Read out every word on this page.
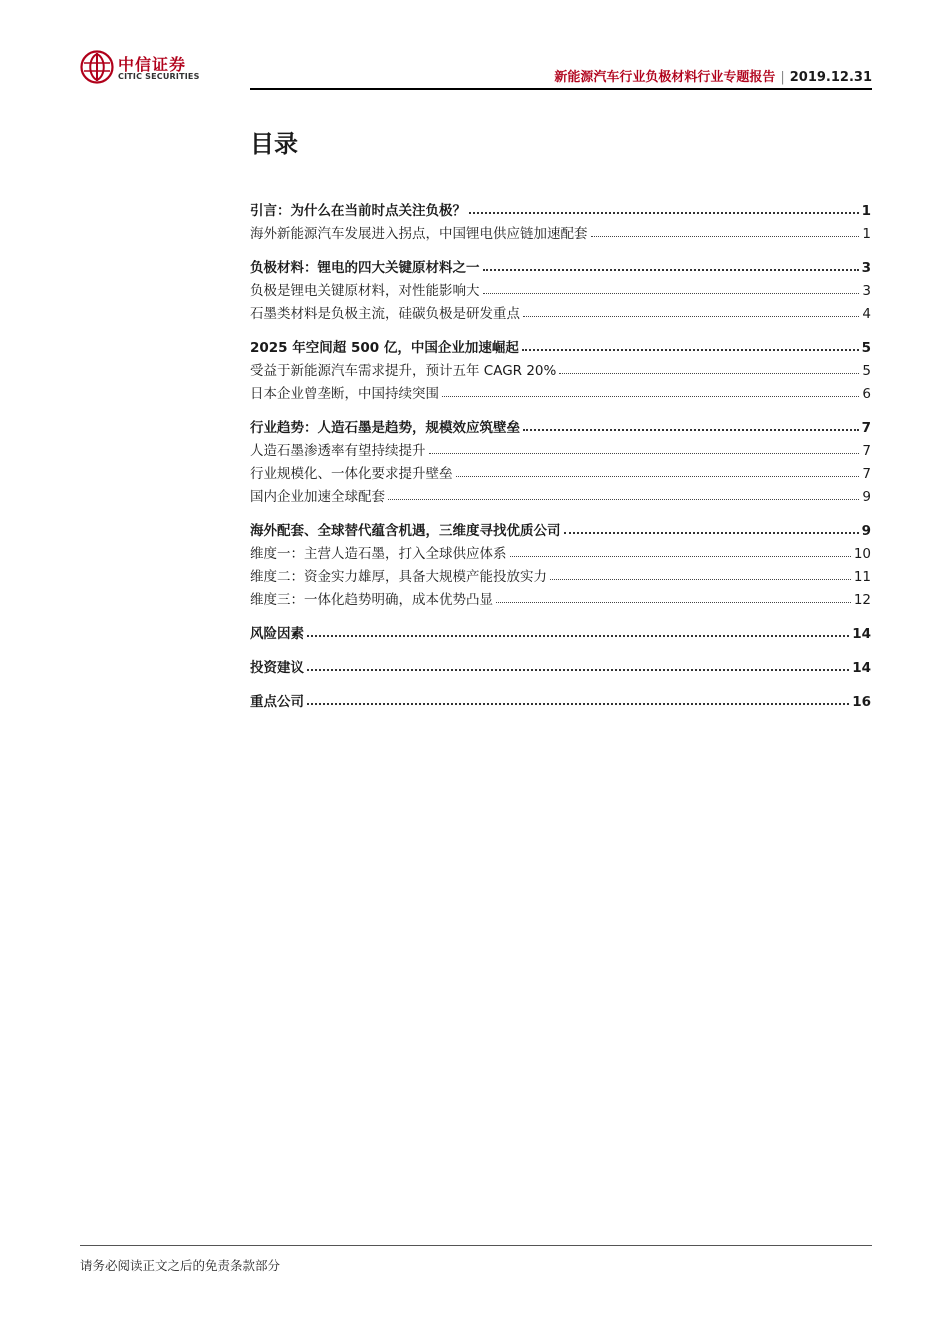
中信证券
CITIC SECURITIES	新能源汽车行业负极材料行业专题报告 | 2019.12.31
目录
引言：为什么在当前时点关注负极？	1
海外新能源汽车发展进入拐点，中国锂电供应链加速配套	1
负极材料：锂电的四大关键原材料之一	3
负极是锂电关键原材料，对性能影响大	3
石墨类材料是负极主流，硅碳负极是研发重点	4
2025 年空间超 500 亿，中国企业加速崛起	5
受益于新能源汽车需求提升，预计五年 CAGR 20%	5
日本企业曾垄断，中国持续突围	6
行业趋势：人造石墨是趋势，规模效应筑壁垒	7
人造石墨渗透率有望持续提升	7
行业规模化、一体化要求提升壁垒	7
国内企业加速全球配套	9
海外配套、全球替代蕴含机遇，三维度寻找优质公司	9
维度一：主营人造石墨，打入全球供应体系	10
维度二：资金实力雄厚，具备大规模产能投放实力	11
维度三：一体化趋势明确，成本优势凸显	12
风险因素	14
投资建议	14
重点公司	16
请务必阅读正文之后的免责条款部分
